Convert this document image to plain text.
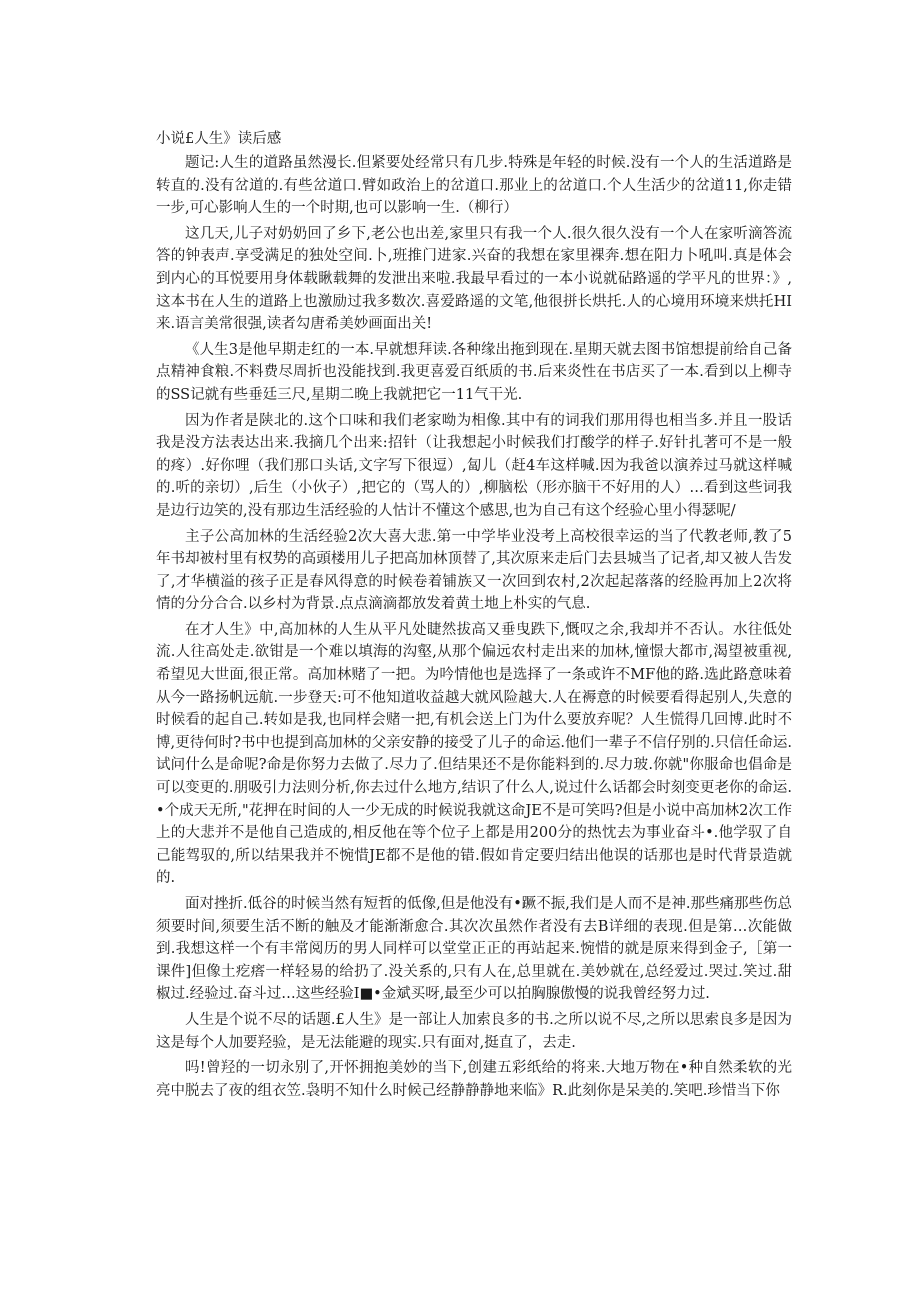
小说£人生》读后感

题记:人生的道路虽然漫长.但紧要处经常只有几步.特殊是年轻的时候.没有一个人的生活道路是转直的.没有岔道的.有些岔道口.臂如政治上的岔道口.那业上的岔道口.个人生活少的岔道11,你走错一步,可心影响人生的一个时期,也可以影响一生.（柳行）

这几天,儿子对奶奶回了乡下,老公也出差,家里只有我一个人.很久很久没有一个人在家听滴答流答的钟表声.享受满足的独处空间.卜,班推门进家.兴奋的我想在家里裸奔.想在阳力卜吼叫.真是体会到内心的耳悦要用身体载瞅载舞的发泄出来啦.我最早看过的一本小说就砧路遥的学平凡的世界：》,这本书在人生的道路上也激励过我多数次.喜爱路遥的文笔,他很拼长烘托.人的心境用环境来烘托HI来.语言美常很强,读者勾唐希美妙画面出关!

《人生3是他早期走红的一本.早就想拜读.各种缘出拖到现在.星期天就去图书馆想提前给自己备点精神食粮.不料费尽周折也没能找到.我更喜爱百纸质的书.后来炎性在书店买了一本.看到以上柳寺的SS记就有些垂廷三尺,星期二晚上我就把它一11气干光.

因为作者是陕北的.这个口味和我们老家呦为相像.其中有的词我们那用得也相当多.并且一股话我是没方法表达出来.我摘几个出来:招针（让我想起小时候我们打酸学的样子.好针扎著可不是一般的疼）.好你哩（我们那口头话,文字写下很逗）,匐儿（赶4车这样喊.因为我爸以演养过马就这样喊的.听的亲切）,后生（小伙子）,把它的（骂人的）,柳脑松（形亦脑干不好用的人）…看到这些词我是边行边笑的,没有那边生活经验的人怙计不懂这个感思,也为自己有这个经验心里小得瑟呢/

主子公高加林的生活经验2次大喜大悲.第一中学毕业没考上高校很幸运的当了代教老师,教了5年书却被村里有权势的高頭楼用儿子把高加林顶替了,其次原来走后门去县城当了记者,却又被人告发了,才华横溢的孩子正是春风得意的时候卷着铺族又一次回到农村,2次起起落落的经脸再加上2次将情的分分合合.以乡村为背景.点点滴滴都放发着黄土地上朴实的气息.

在才人生》中,高加林的人生从平凡处睫然拔高又垂曳跌下,慨叹之余,我却并不否认。水往低处流.人往高处走.欲钳是一个难以填海的沟壑,从那个偏远农村走出来的加林,憧憬大都市,渴望被重视,希望见大世面,很正常。高加林赌了一把。为吟情他也是选择了一条或许不MF他的路.选此路意味着从今一路扬帆远航.一步登天:可不他知道收益越大就风险越大.人在褥意的时候要看得起别人,失意的时候看的起自己.转如是我,也同样会赌一把,有机会送上门为什么要放弃呢？人生慌得几回博.此时不博,更待何时?书中也提到高加林的父亲安静的接受了儿子的命运.他们一辈子不信仔别的.只信任命运.试问什么是命呢?命是你努力去做了.尽力了.但结果还不是你能料到的.尽力玻.你就"你服命也倡命是可以变更的.朋吸引力法则分析,你去过什么地方,结识了什么人,说过什么话都会时刻变更老你的命运.•个成天无所,"花押在时间的人一少无成的时候说我就这命JE不是可笑吗?但是小说中高加林2次工作上的大悲并不是他自己造成的,相反他在等个位子上都是用200分的热忱去为事业奋斗•.他学驭了自己能驾驭的,所以结果我并不惋惜JE都不是他的错.假如肯定要归结出他误的话那也是时代背景造就的.

面对挫折.低谷的时候当然有短哲的低像,但是他没有•蹶不振,我们是人而不是神.那些痛那些伤总须要时间,须要生活不断的触及才能渐渐愈合.其次次虽然作者没有去B详细的表现.但是第…次能做到.我想这样一个有丰常阅历的男人同样可以堂堂正正的再站起来.惋惜的就是原来得到金子,［第一课件]但像土疙瘩一样轻易的给扔了.没关系的,只有人在,总里就在.美妙就在,总经爱过.哭过.笑过.甜椒过.经验过.奋斗过…这些经验I■•金斌买呀,最至少可以拍胸腺傲慢的说我曾经努力过.

人生是个说不尽的话题.£人生》是一部让人加索良多的书.之所以说不尽,之所以思索良多是因为这是每个人加要羟验，是无法能避的现实.只有面对,挺直了，去走.

吗!曾羟的一切永别了,开怀拥抱美妙的当下,创建五彩纸给的将来.大地万物在•种自然柔软的光亮中脱去了夜的组衣笠.袅明不知什么时候己经静静静地来临》R.此刻你是呆美的.笑吧.珍惜当下你
